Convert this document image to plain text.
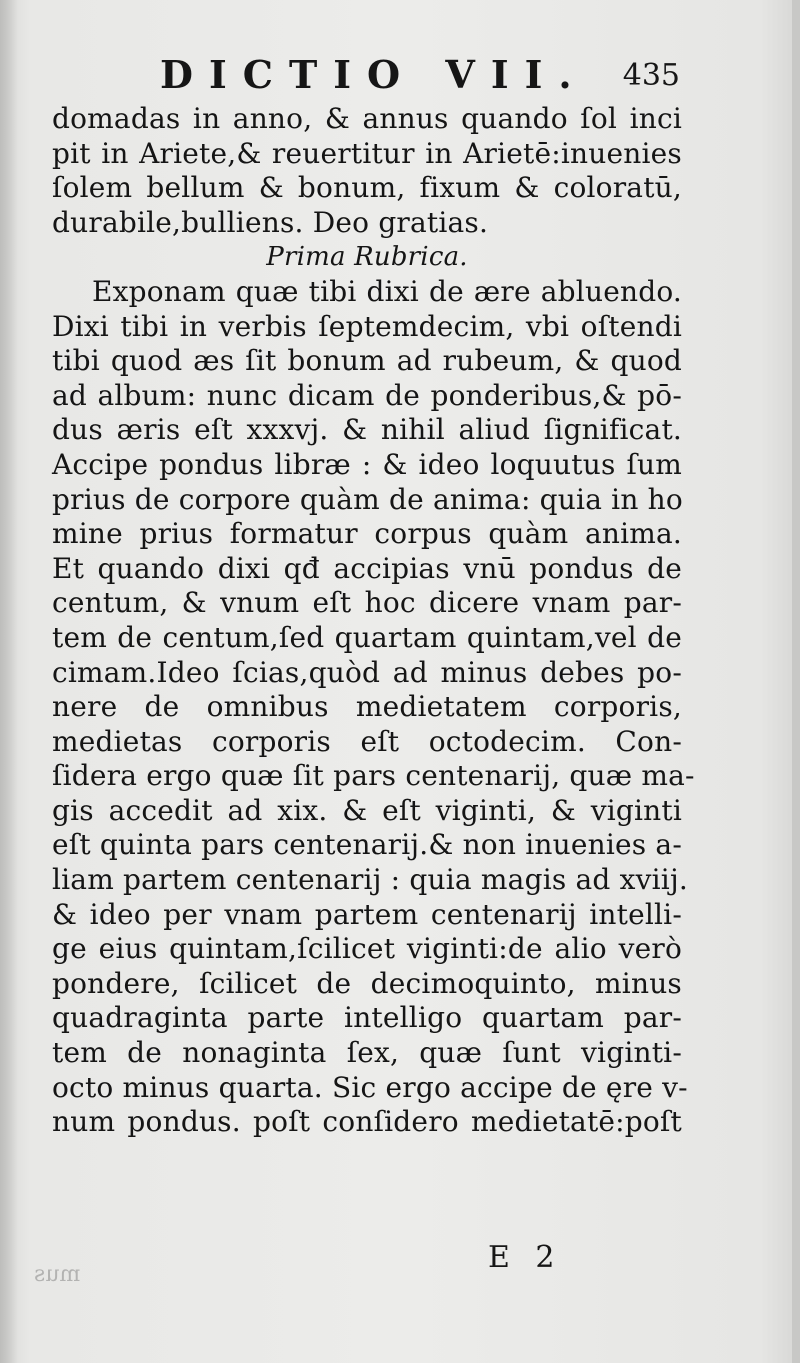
DICTIO VII. 435
domadas in anno, & annus quando ſol inci
pit in Ariete,& reuertitur in Arietē:inuenies
ſolem bellum & bonum, fixum & coloratū,
durabile,bulliens. Deo gratias.
Prima Rubrica.
Exponam quæ tibi dixi de ære abluendo.
Dixi tibi in verbis ſeptemdecim, vbi oſtendi
tibi quod æs ſit bonum ad rubeum, & quod
ad album: nunc dicam de ponderibus,& pō-
dus æris eſt xxxvj. & nihil aliud ſignificat.
Accipe pondus libræ : & ideo loquutus ſum
prius de corpore quàm de anima: quia in ho
mine prius formatur corpus quàm anima.
Et quando dixi qđ accipias vnū pondus de
centum, & vnum eſt hoc dicere vnam par-
tem de centum,ſed quartam quintam,vel de
cimam.Ideo ſcias,quòd ad minus debes po-
nere de omnibus medietatem corporis,
medietas corporis eſt octodecim. Con-
ſidera ergo quæ ſit pars centenarij, quæ ma-
gis accedit ad xix. & eſt viginti, & viginti
eſt quinta pars centenarij.& non inuenies a-
liam partem centenarij : quia magis ad xviij.
& ideo per vnam partem centenarij intelli-
ge eius quintam,ſcilicet viginti:de alio verò
pondere, ſcilicet de decimoquinto, minus
quadraginta parte intelligo quartam par-
tem de nonaginta ſex, quæ ſunt viginti-
octo minus quarta. Sic ergo accipe de ęre v-
num pondus. poſt conſidero medietatē:poſt
E 2
mus
